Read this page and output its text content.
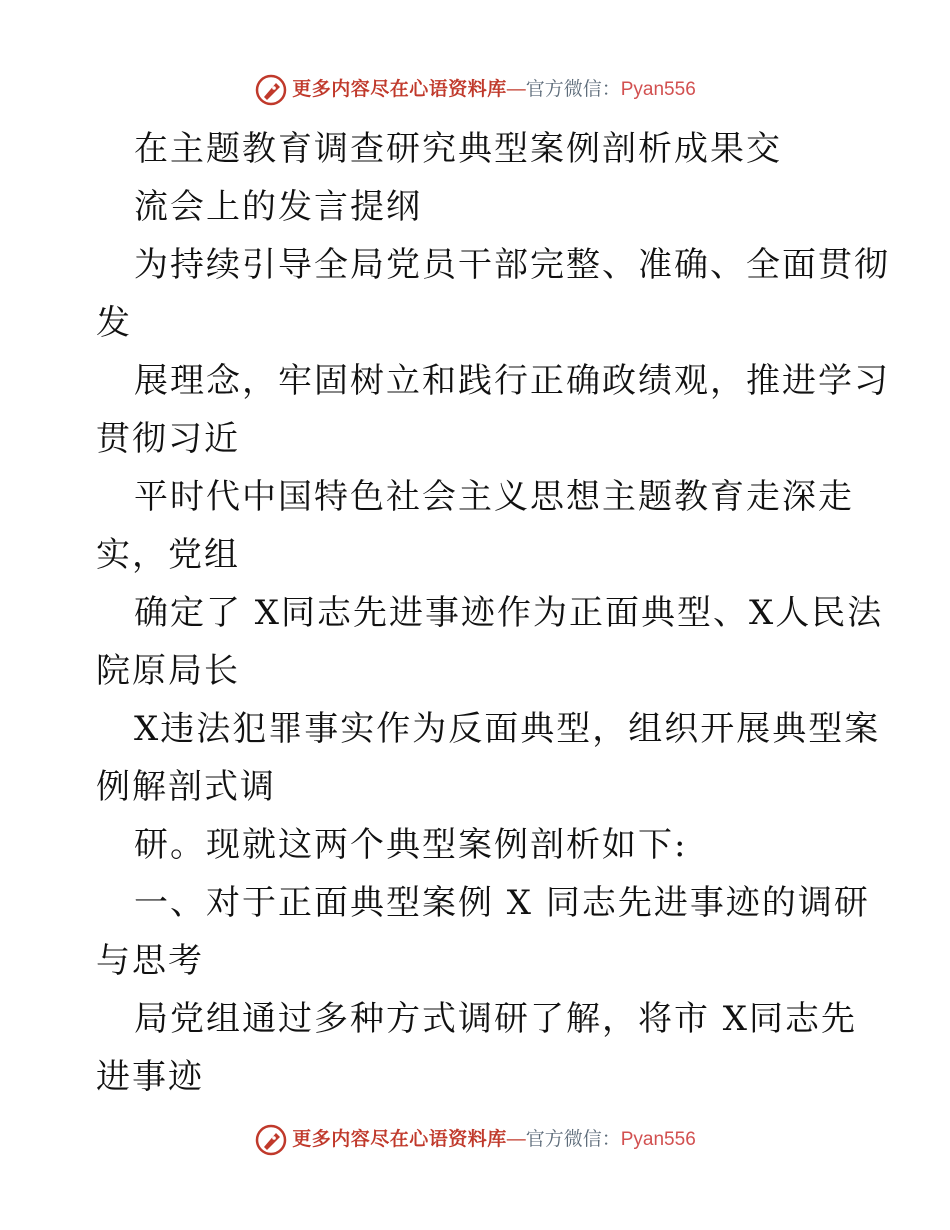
更多内容尽在心语资料库 — 官方微信： Pyan556
在主题教育调查研究典型案例剖析成果交
流会上的发言提纲
为持续引导全局党员干部完整、准确、全面贯彻
发
展理念，牢固树立和践行正确政绩观，推进学习
贯彻习近
平时代中国特色社会主义思想主题教育走深走
实，党组
确定了 X同志先进事迹作为正面典型、X人民法
院原局长
X违法犯罪事实作为反面典型，组织开展典型案
例解剖式调
研。现就这两个典型案例剖析如下:
一、对于正面典型案例 X 同志先进事迹的调研
与思考
局党组通过多种方式调研了解，将市 X同志先
进事迹
更多内容尽在心语资料库 — 官方微信： Pyan556
